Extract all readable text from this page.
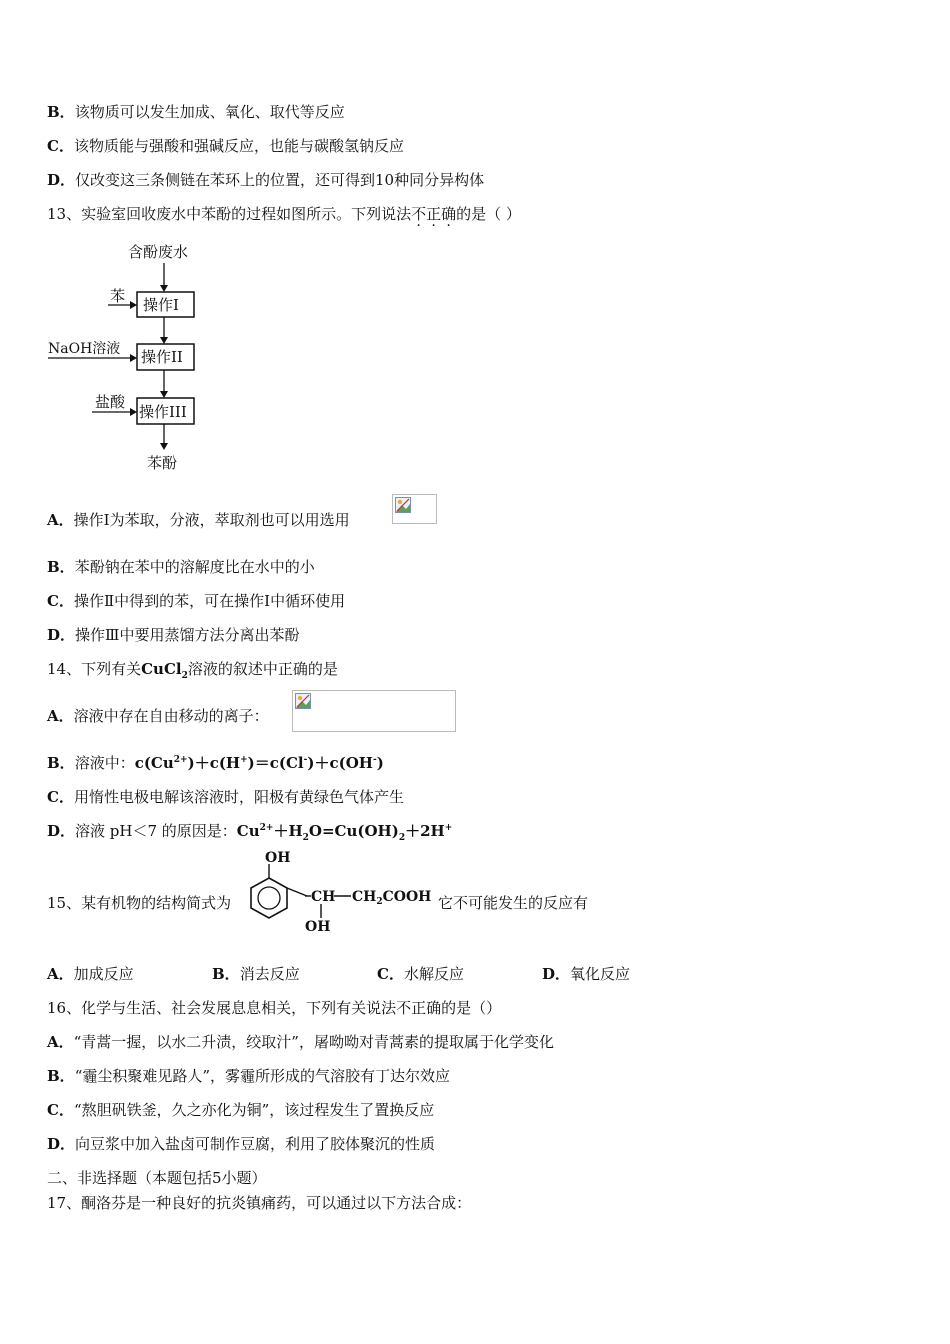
B．该物质可以发生加成、氧化、取代等反应
C．该物质能与强酸和强碱反应，也能与碳酸氢钠反应
D．仅改变这三条侧链在苯环上的位置，还可得到10种同分异构体
13、实验室回收废水中苯酚的过程如图所示。下列说法不正确的是（ ）
含酚废水
苯 操作I
NaOH溶液 操作II
盐酸
操作III
苯酚
A．操作Ⅰ为苯取，分液，萃取剂也可以用选用
B．苯酚钠在苯中的溶解度比在水中的小
C．操作Ⅱ中得到的苯，可在操作Ⅰ中循环使用
D．操作Ⅲ中要用蒸馏方法分离出苯酚
14、下列有关CuCl$_2$溶液的叙述中正确的是
A．溶液中存在自由移动的离子：
B．溶液中：$c(Cu^{2+})+c(H^+)=c(Cl^-)+c(OH^-)$
C．用惰性电极电解该溶液时，阳极有黄绿色气体产生
D．溶液 pH＜7 的原因是：$Cu^{2+}+H_2O=Cu(OH)_2+2H^+$
15、某有机物的结构简式为
OH
CH $CH_2COOH$
OH
它不可能发生的反应有
A．加成反应	B．消去反应	C．水解反应	D．氧化反应
16、化学与生活、社会发展息息相关，下列有关说法不正确的是（）
A．“青蒿一握，以水二升渍，绞取汁”，屠呦呦对青蒿素的提取属于化学变化
B．“霾尘积聚难见路人”，雾霾所形成的气溶胶有丁达尔效应
C．“熬胆矾铁釜，久之亦化为铜”，该过程发生了置换反应
D．向豆浆中加入盐卤可制作豆腐，利用了胶体聚沉的性质
二、非选择题（本题包括5小题）
17、酮洛芬是一种良好的抗炎镇痛药，可以通过以下方法合成：
